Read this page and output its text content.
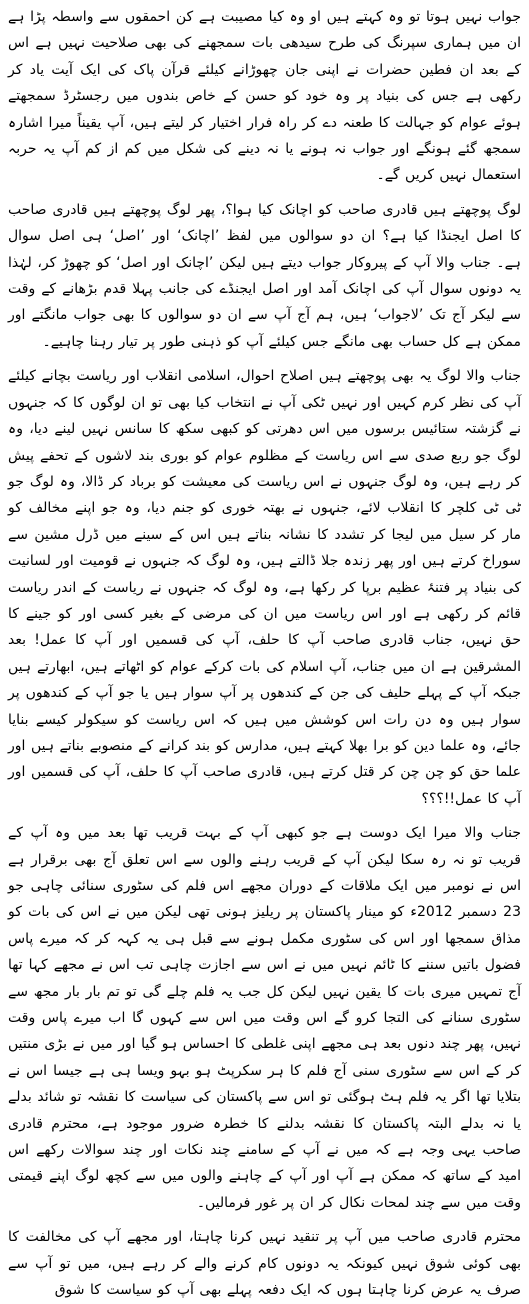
جواب نہیں ہوتا تو وہ کہتے ہیں او وہ کیا مصیبت ہے کن احمقوں سے واسطہ پڑا ہے ان میں ہماری سپرنگ کی طرح سیدھی بات سمجھنے کی بھی صلاحیت نہیں ہے اس کے بعد ان فطین حضرات نے اپنی جان چھوڑانے کیلئے قرآن پاک کی ایک آیت یاد کر رکھی ہے جس کی بنیاد پر وہ خود کو حسن کے خاص بندوں میں رجسٹرڈ سمجھتے ہوئے عوام کو جہالت کا طعنہ دے کر راہ فرار اختیار کر لیتے ہیں، آپ یقیناً میرا اشارہ سمجھ گئے ہونگے اور جواب نہ ہونے یا نہ دینے کی شکل میں کم از کم آپ یہ حربہ استعمال نہیں کریں گے۔

لوگ پوچھتے ہیں قادری صاحب کو اچانک کیا ہوا؟، پھر لوگ پوچھتے ہیں قادری صاحب کا اصل ایجنڈا کیا ہے؟ ان دو سوالوں میں لفظ ’اچانک‘ اور ’اصل‘ ہی اصل سوال ہے۔ جناب والا آپ کے پیروکار جواب دیتے ہیں لیکن ’اچانک اور اصل‘ کو چھوڑ کر، لہٰذا یہ دونوں سوال آپ کی اچانک آمد اور اصل ایجنڈے کی جانب پہلا قدم بڑھانے کے وقت سے لیکر آج تک ’لاجواب‘ ہیں، ہم آج آپ سے ان دو سوالوں کا بھی جواب مانگتے اور ممکن ہے کل حساب بھی مانگے جس کیلئے آپ کو ذہنی طور پر تیار رہنا چاہیے۔

جناب والا لوگ یہ بھی پوچھتے ہیں اصلاح احوال، اسلامی انقلاب اور ریاست بچانے کیلئے آپ کی نظر کرم کہیں اور نہیں ٹکی آپ نے انتخاب کیا بھی تو ان لوگوں کا کہ جنہوں نے گزشتہ ستائیس برسوں میں اس دھرتی کو کبھی سکھ کا سانس نہیں لینے دیا، وہ لوگ جو ربع صدی سے اس ریاست کے مظلوم عوام کو بوری بند لاشوں کے تحفے پیش کر رہے ہیں، وہ لوگ جنہوں نے اس ریاست کی معیشت کو برباد کر ڈالا، وہ لوگ جو ٹی ٹی کلچر کا انقلاب لائے، جنہوں نے بھتہ خوری کو جنم دیا، وہ جو اپنے مخالف کو مار کر سیل میں لیجا کر تشدد کا نشانہ بناتے ہیں اس کے سینے میں ڈرل مشین سے سوراخ کرتے ہیں اور پھر زندہ جلا ڈالتے ہیں، وہ لوگ کہ جنہوں نے قومیت اور لسانیت کی بنیاد پر فتنۂ عظیم برپا کر رکھا ہے، وہ لوگ کہ جنہوں نے ریاست کے اندر ریاست قائم کر رکھی ہے اور اس ریاست میں ان کی مرضی کے بغیر کسی اور کو جینے کا حق نہیں، جناب قادری صاحب آپ کا حلف، آپ کی قسمیں اور آپ کا عمل! بعد المشرقین ہے ان میں جناب، آپ اسلام کی بات کرکے عوام کو اٹھاتے ہیں، ابھارتے ہیں جبکہ آپ کے پہلے حلیف کی جن کے کندھوں پر آپ سوار ہیں یا جو آپ کے کندھوں پر سوار ہیں وہ دن رات اس کوشش میں ہیں کہ اس ریاست کو سیکولر کیسے بنایا جائے، وہ علما دین کو برا بھلا کہتے ہیں، مدارس کو بند کرانے کے منصوبے بناتے ہیں اور علما حق کو چن چن کر قتل کرتے ہیں، قادری صاحب آپ کا حلف، آپ کی قسمیں اور آپ کا عمل!!؟؟؟

جناب والا میرا ایک دوست ہے جو کبھی آپ کے بہت قریب تھا بعد میں وہ آپ کے قریب تو نہ رہ سکا لیکن آپ کے قریب رہنے والوں سے اس تعلق آج بھی برقرار ہے اس نے نومبر میں ایک ملاقات کے دوران مجھے اس فلم کی سٹوری سنائی چاہی جو 23 دسمبر 2012ء کو مینار پاکستان پر ریلیز ہونی تھی لیکن میں نے اس کی بات کو مذاق سمجھا اور اس کی سٹوری مکمل ہونے سے قبل ہی یہ کہہ کر کہ میرے پاس فضول باتیں سننے کا ٹائم نہیں میں نے اس سے اجازت چاہی تب اس نے مجھے کہا تھا آج تمہیں میری بات کا یقین نہیں لیکن کل جب یہ فلم چلے گی تو تم بار بار مجھ سے سٹوری سنانے کی التجا کرو گے اس وقت میں اس سے کہوں گا اب میرے پاس وقت نہیں، پھر چند دنوں بعد ہی مجھے اپنی غلطی کا احساس ہو گیا اور میں نے بڑی منتیں کر کے اس سے سٹوری سنی آج فلم کا ہر سکرپٹ ہو بہو ویسا ہی ہے جیسا اس نے بتلایا تھا اگر یہ فلم ہٹ ہوگئی تو اس سے پاکستان کی سیاست کا نقشہ تو شائد بدلے یا نہ بدلے البتہ پاکستان کا نقشہ بدلنے کا خطرہ ضرور موجود ہے، محترم قادری صاحب یہی وجہ ہے کہ میں نے آپ کے سامنے چند نکات اور چند سوالات رکھے اس امید کے ساتھ کہ ممکن ہے آپ اور آپ کے چاہنے والوں میں سے کچھ لوگ اپنے قیمتی وقت میں سے چند لمحات نکال کر ان پر غور فرمالیں۔

محترم قادری صاحب میں آپ پر تنقید نہیں کرنا چاہتا، اور مجھے آپ کی مخالفت کا بھی کوئی شوق نہیں کیونکہ یہ دونوں کام کرنے والے کر رہے ہیں، میں تو آپ سے صرف یہ عرض کرنا چاہتا ہوں کہ ایک دفعہ پہلے بھی آپ کو سیاست کا شوق
